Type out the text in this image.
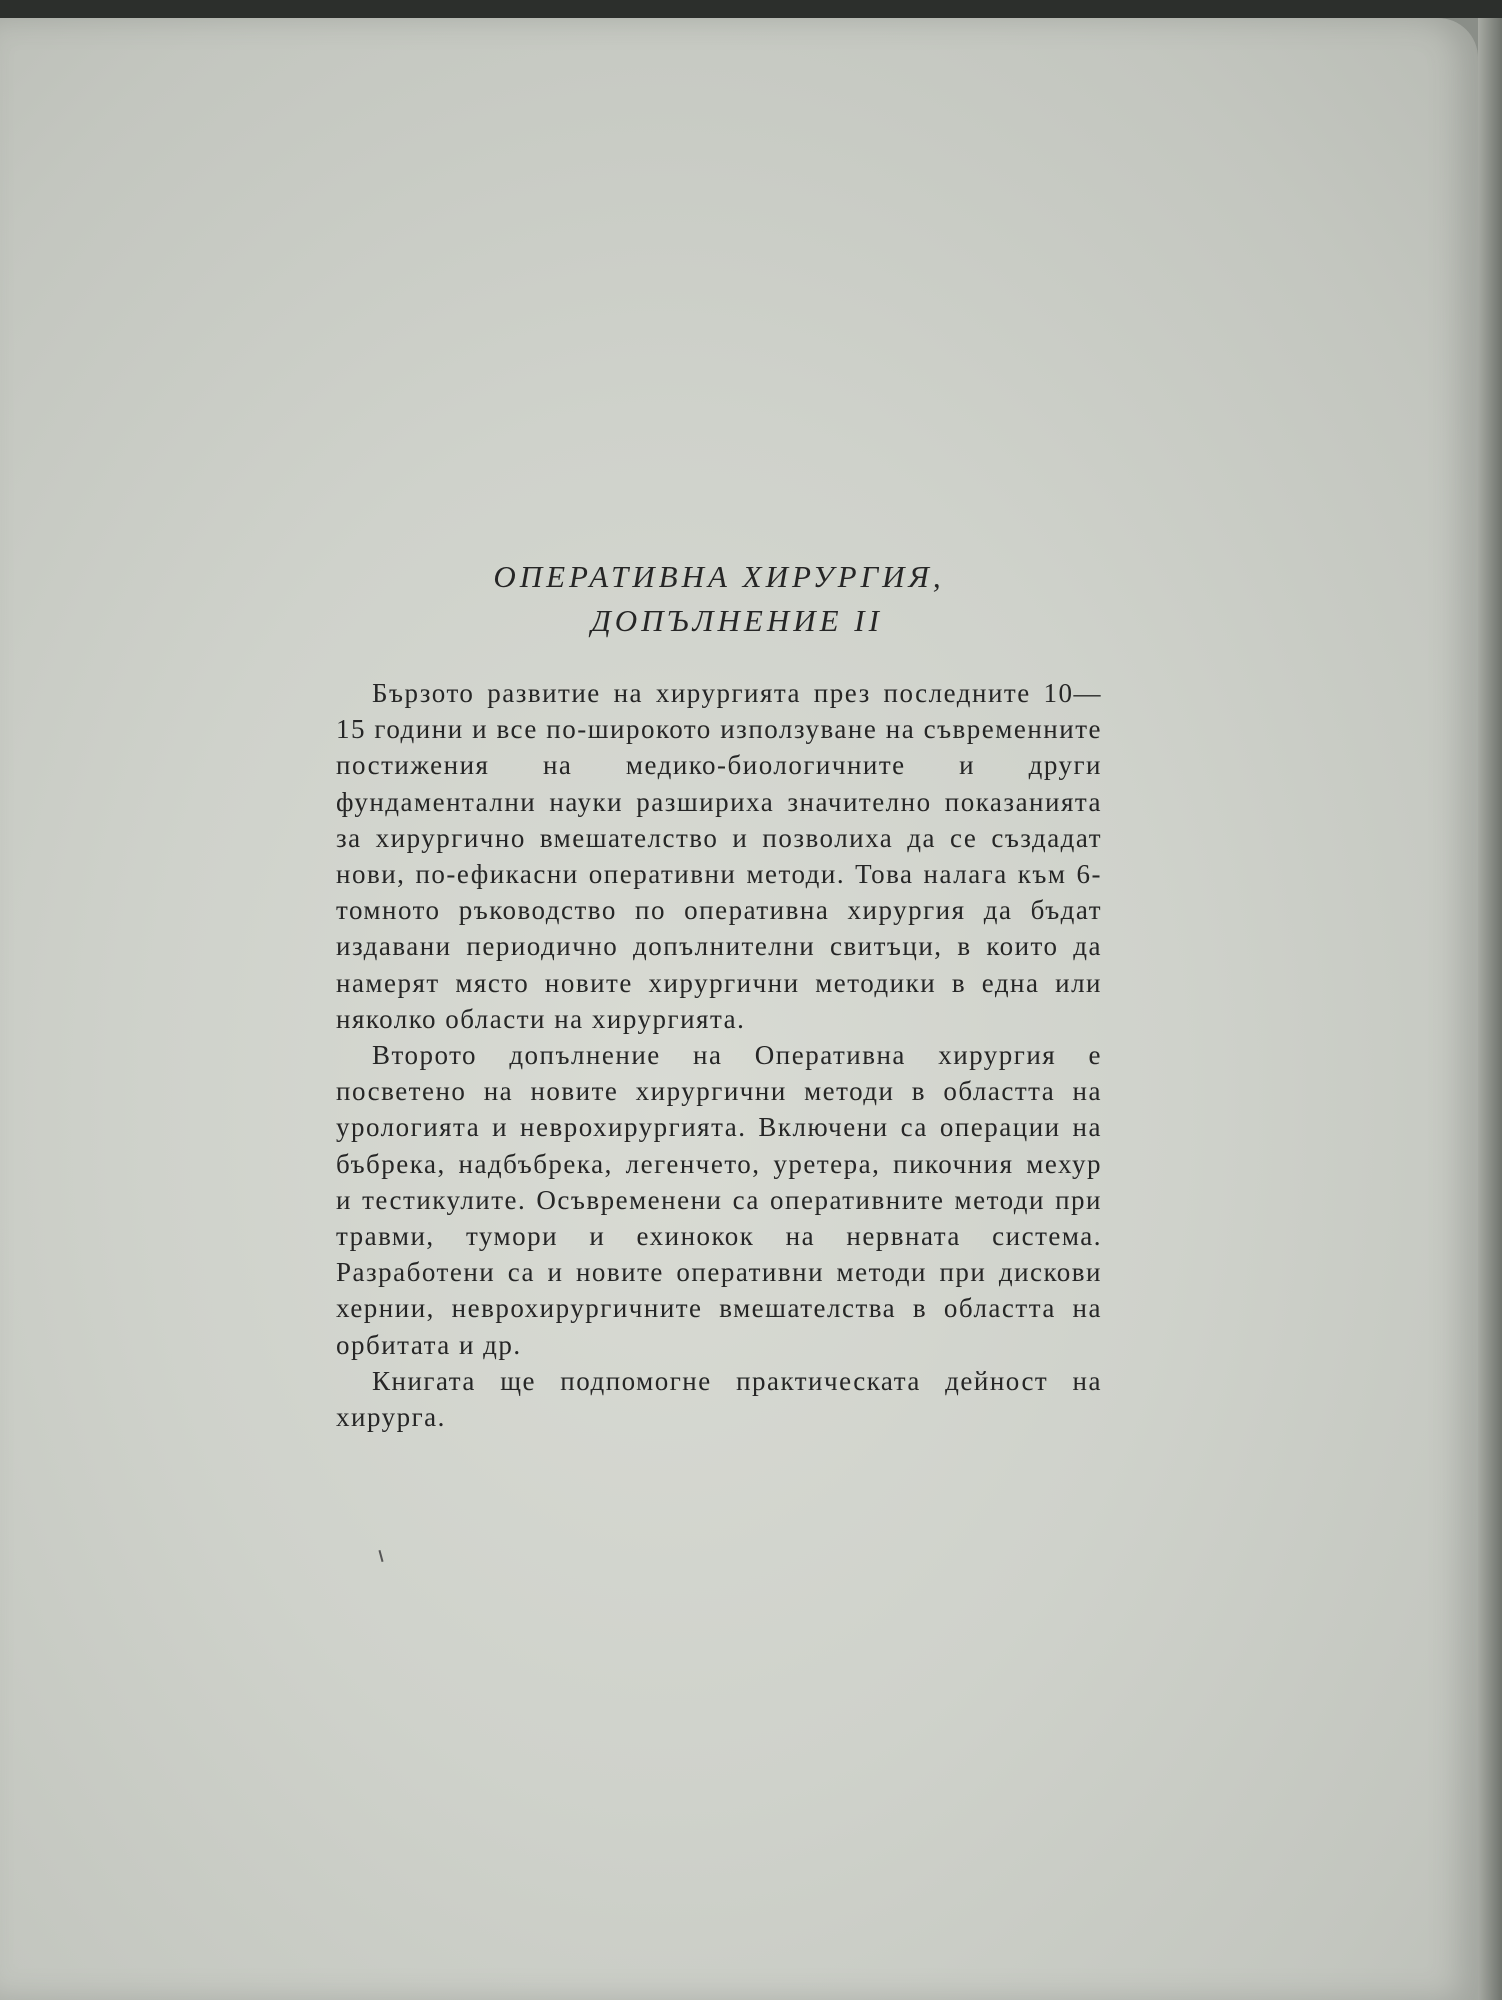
ОПЕРАТИВНА ХИРУРГИЯ,
ДОПЪЛНЕНИЕ II

Бързото развитие на хирургията през последните 10—15 години и все по-широкото използуване на съвременните постижения на медико-биологичните и други фундаментални науки разшириха значително показанията за хирургично вмешателство и позволиха да се създадат нови, по-ефикасни оперативни методи. Това налага към 6-томното ръководство по оперативна хирургия да бъдат издавани периодично допълнителни свитъци, в които да намерят място новите хирургични методики в една или няколко области на хирургията.

Второто допълнение на Оперативна хирургия е посветено на новите хирургични методи в областта на урологията и неврохирургията. Включени са операции на бъбрека, надбъбрека, легенчето, уретера, пикочния мехур и тестикулите. Осъвременени са оперативните методи при травми, тумори и ехинокок на нервната система. Разработени са и новите оперативни методи при дискови хернии, неврохирургичните вмешателства в областта на орбитата и др.

Книгата ще подпомогне практическата дейност на хирурга.
